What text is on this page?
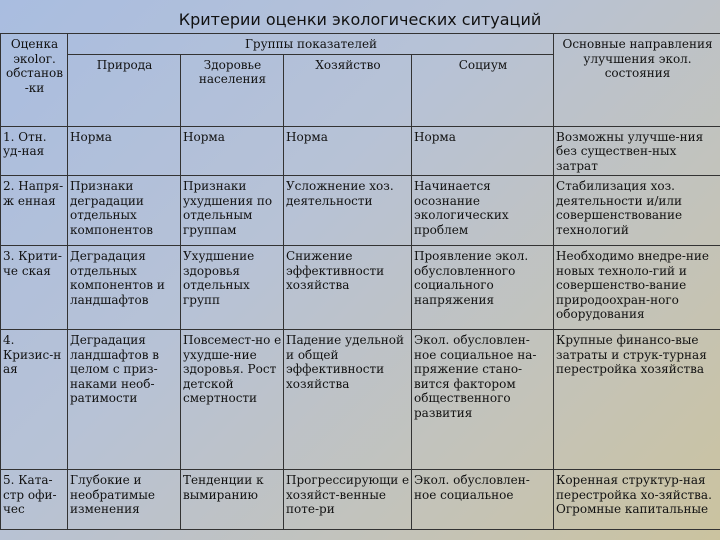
Критерии оценки экологических ситуаций
Оценка экolог. обстанов -ки	Группы показателей				Основные направления улучшения экол. состояния
	Природа	Здоровье населения	Хозяйство	Социум	
1. Отн. уд-ная	Норма	Норма	Норма	Норма	Возможны улучше-ния без существен-ных затрат
2. Напря-ж енная	Признаки деградации отдельных компонентов	Признаки ухудшения по отдельным группам	Усложнение хоз. деятельности	Начинается осознание экологических проблем	Стабилизация хоз. деятельности и/или совершенствование технологий
3. Крити-че ская	Деградация отдельных компонентов и ландшафтов	Ухудшение здоровья отдельных групп	Снижение эффективности хозяйства	Проявление экол. обусловленного социального напряжения	Необходимо внедре-ние новых техноло-гий и совершенство-вание природоохран-ного оборудования
4. Кризис-н ая	Деградация ландшафтов в целом с приз-наками необ-ратимости	Повсемест-но е ухудше-ние здоровья. Рост детской смертности	Падение удельной и общей эффективности хозяйства	Экол. обусловлен-ное социальное на-пряжение стано-вится фактором общественного развития	Крупные финансо-вые затраты и струк-турная перестройка хозяйства
5. Ката-стр офи-чес	Глубокие и необратимые изменения	Тенденции к вымиранию	Прогрессирующи е хозяйст-венные поте-ри	Экол. обусловлен-ное социальное	Коренная структур-ная перестройка хо-зяйства. Огромные капитальные
